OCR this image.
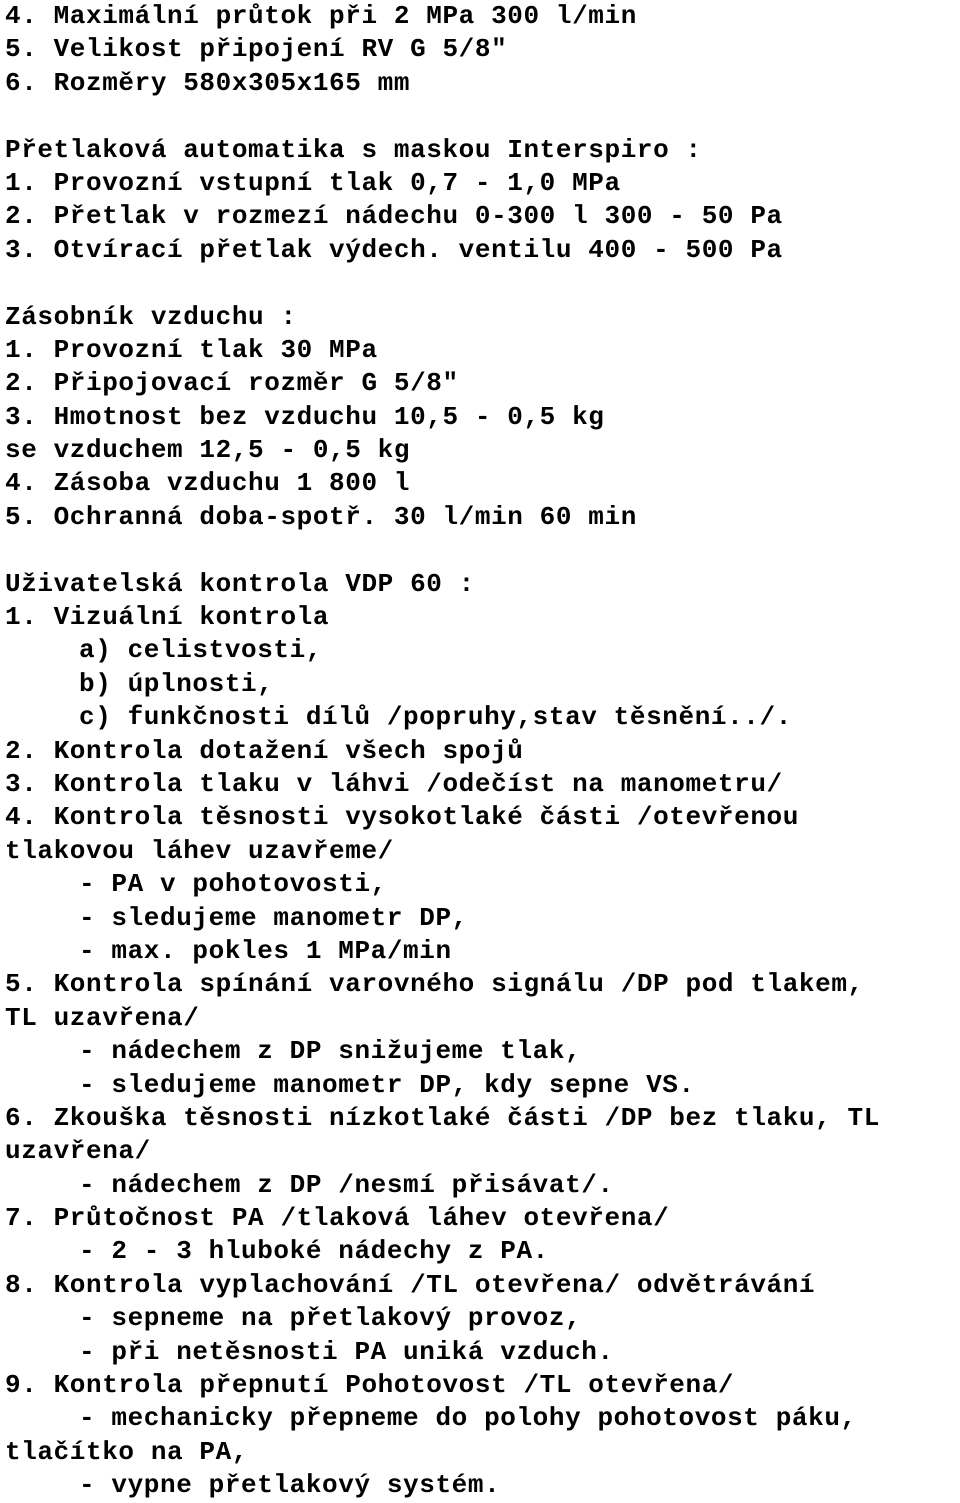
4. Maximální průtok při 2 MPa 300 l/min
5. Velikost připojení RV G 5/8"
6. Rozměry 580x305x165 mm
Přetlaková automatika s maskou Interspiro :
1. Provozní vstupní tlak 0,7 - 1,0 MPa
2. Přetlak v rozmezí nádechu 0-300 l 300 - 50 Pa
3. Otvírací přetlak výdech. ventilu 400 - 500 Pa
Zásobník vzduchu :
1. Provozní tlak 30 MPa
2. Připojovací rozměr G 5/8"
3. Hmotnost bez vzduchu 10,5 - 0,5 kg
se vzduchem 12,5 - 0,5 kg
4. Zásoba vzduchu 1 800 l
5. Ochranná doba-spotř. 30 l/min 60 min
Uživatelská kontrola VDP 60 :
1. Vizuální kontrola
a) celistvosti,
b) úplnosti,
c) funkčnosti dílů /popruhy,stav těsnění../.
2. Kontrola dotažení všech spojů
3. Kontrola tlaku v láhvi /odečíst na manometru/
4. Kontrola těsnosti vysokotlaké části /otevřenou
tlakovou láhev uzavřeme/
- PA v pohotovosti,
- sledujeme manometr DP,
- max. pokles 1 MPa/min
5. Kontrola spínání varovného signálu /DP pod tlakem,
TL uzavřena/
- nádechem z DP snižujeme tlak,
- sledujeme manometr DP, kdy sepne VS.
6. Zkouška těsnosti nízkotlaké části /DP bez tlaku, TL
uzavřena/
- nádechem z DP /nesmí přisávat/.
7. Průtočnost PA /tlaková láhev otevřena/
- 2 - 3 hluboké nádechy z PA.
8. Kontrola vyplachování /TL otevřena/ odvětrávání
- sepneme na přetlakový provoz,
- při netěsnosti PA uniká vzduch.
9. Kontrola přepnutí Pohotovost /TL otevřena/
- mechanicky přepneme do polohy pohotovost páku,
tlačítko na PA,
- vypne přetlakový systém.
